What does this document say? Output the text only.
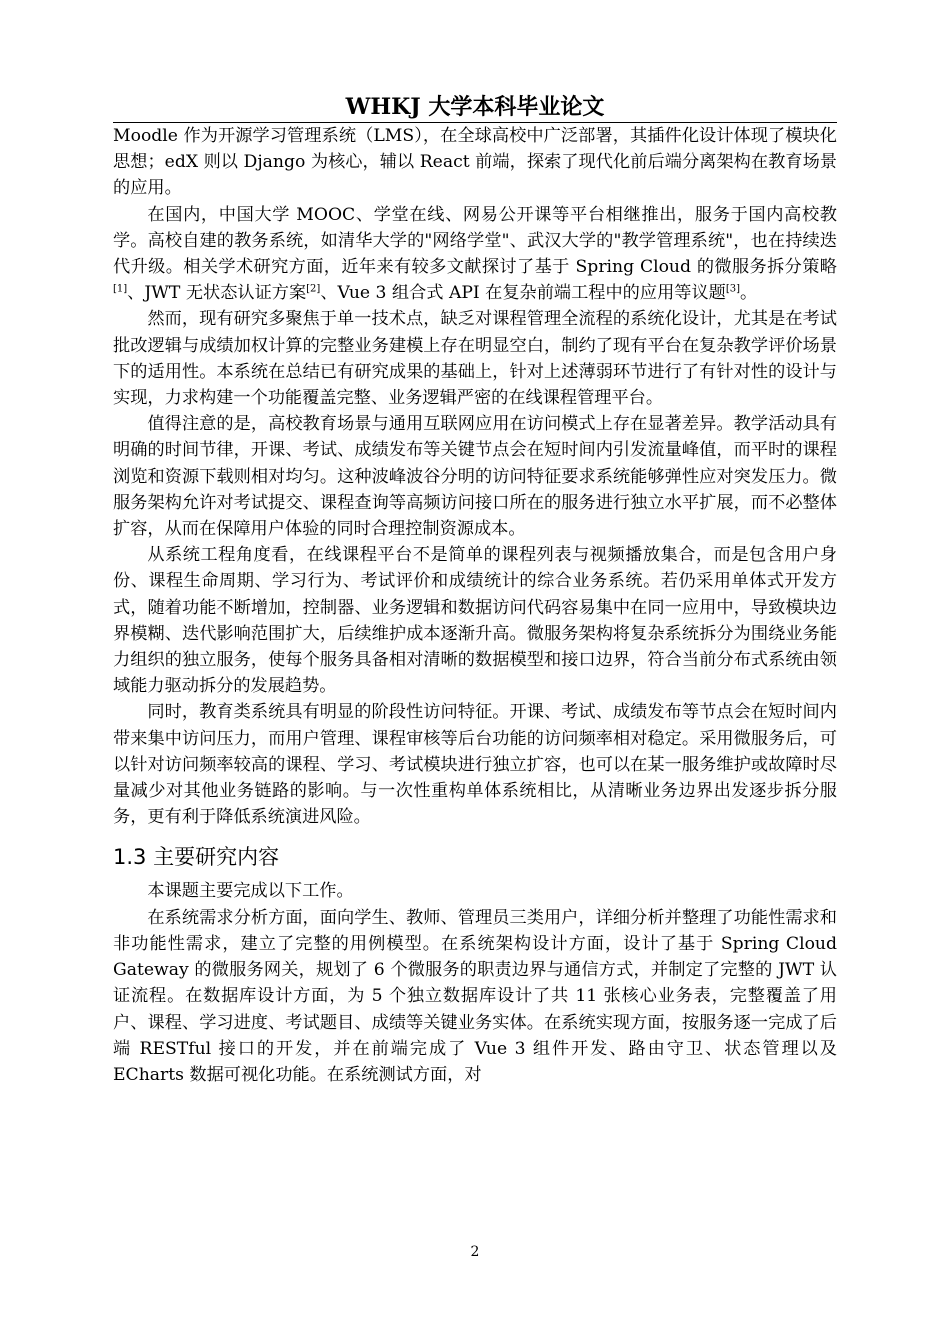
WHKJ 大学本科毕业论文

Moodle 作为开源学习管理系统（LMS），在全球高校中广泛部署，其插件化设计体现了模块化思想；edX 则以 Django 为核心，辅以 React 前端，探索了现代化前后端分离架构在教育场景的应用。

在国内，中国大学 MOOC、学堂在线、网易公开课等平台相继推出，服务于国内高校教学。高校自建的教务系统，如清华大学的"网络学堂"、武汉大学的"教学管理系统"，也在持续迭代升级。相关学术研究方面，近年来有较多文献探讨了基于 Spring Cloud 的微服务拆分策略[1]、JWT 无状态认证方案[2]、Vue 3 组合式 API 在复杂前端工程中的应用等议题[3]。

然而，现有研究多聚焦于单一技术点，缺乏对课程管理全流程的系统化设计，尤其是在考试批改逻辑与成绩加权计算的完整业务建模上存在明显空白，制约了现有平台在复杂教学评价场景下的适用性。本系统在总结已有研究成果的基础上，针对上述薄弱环节进行了有针对性的设计与实现，力求构建一个功能覆盖完整、业务逻辑严密的在线课程管理平台。

值得注意的是，高校教育场景与通用互联网应用在访问模式上存在显著差异。教学活动具有明确的时间节律，开课、考试、成绩发布等关键节点会在短时间内引发流量峰值，而平时的课程浏览和资源下载则相对均匀。这种波峰波谷分明的访问特征要求系统能够弹性应对突发压力。微服务架构允许对考试提交、课程查询等高频访问接口所在的服务进行独立水平扩展，而不必整体扩容，从而在保障用户体验的同时合理控制资源成本。

从系统工程角度看，在线课程平台不是简单的课程列表与视频播放集合，而是包含用户身份、课程生命周期、学习行为、考试评价和成绩统计的综合业务系统。若仍采用单体式开发方式，随着功能不断增加，控制器、业务逻辑和数据访问代码容易集中在同一应用中，导致模块边界模糊、迭代影响范围扩大，后续维护成本逐渐升高。微服务架构将复杂系统拆分为围绕业务能力组织的独立服务，使每个服务具备相对清晰的数据模型和接口边界，符合当前分布式系统由领域能力驱动拆分的发展趋势。

同时，教育类系统具有明显的阶段性访问特征。开课、考试、成绩发布等节点会在短时间内带来集中访问压力，而用户管理、课程审核等后台功能的访问频率相对稳定。采用微服务后，可以针对访问频率较高的课程、学习、考试模块进行独立扩容，也可以在某一服务维护或故障时尽量减少对其他业务链路的影响。与一次性重构单体系统相比，从清晰业务边界出发逐步拆分服务，更有利于降低系统演进风险。

1.3 主要研究内容

本课题主要完成以下工作。

在系统需求分析方面，面向学生、教师、管理员三类用户，详细分析并整理了功能性需求和非功能性需求，建立了完整的用例模型。在系统架构设计方面，设计了基于 Spring Cloud Gateway 的微服务网关，规划了 6 个微服务的职责边界与通信方式，并制定了完整的 JWT 认证流程。在数据库设计方面，为 5 个独立数据库设计了共 11 张核心业务表，完整覆盖了用户、课程、学习进度、考试题目、成绩等关键业务实体。在系统实现方面，按服务逐一完成了后端 RESTful 接口的开发，并在前端完成了 Vue 3 组件开发、路由守卫、状态管理以及 ECharts 数据可视化功能。在系统测试方面，对

2
